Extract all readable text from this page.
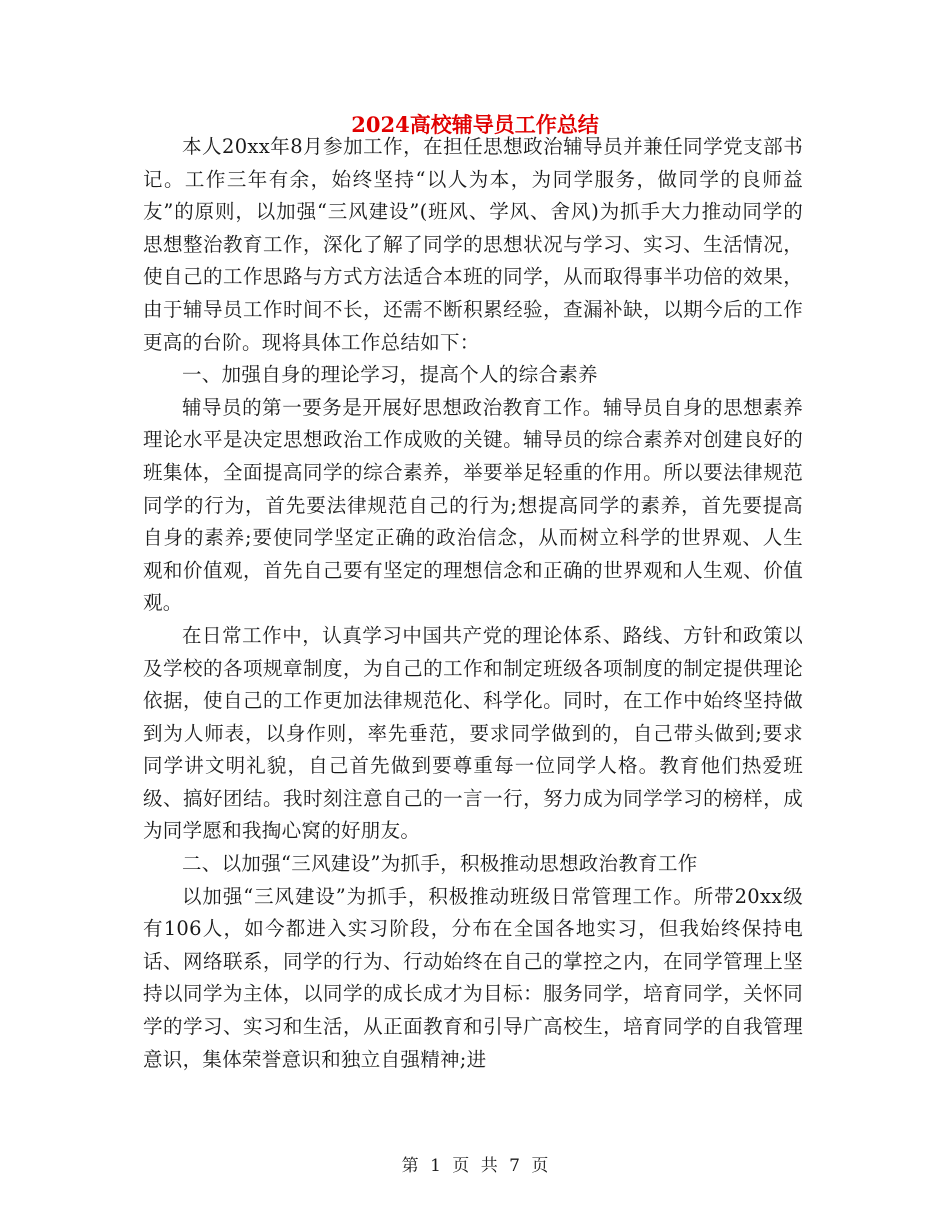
2024高校辅导员工作总结

本人20xx年8月参加工作，在担任思想政治辅导员并兼任同学党支部书记。工作三年有余，始终坚持“以人为本，为同学服务，做同学的良师益友”的原则，以加强“三风建设”(班风、学风、舍风)为抓手大力推动同学的思想整治教育工作，深化了解了同学的思想状况与学习、实习、生活情况，使自己的工作思路与方式方法适合本班的同学，从而取得事半功倍的效果，由于辅导员工作时间不长，还需不断积累经验，查漏补缺，以期今后的工作更高的台阶。现将具体工作总结如下：

一、加强自身的理论学习，提高个人的综合素养

辅导员的第一要务是开展好思想政治教育工作。辅导员自身的思想素养理论水平是决定思想政治工作成败的关键。辅导员的综合素养对创建良好的班集体，全面提高同学的综合素养，举要举足轻重的作用。所以要法律规范同学的行为，首先要法律规范自己的行为;想提高同学的素养，首先要提高自身的素养;要使同学坚定正确的政治信念，从而树立科学的世界观、人生观和价值观，首先自己要有坚定的理想信念和正确的世界观和人生观、价值观。

在日常工作中，认真学习中国共产党的理论体系、路线、方针和政策以及学校的各项规章制度，为自己的工作和制定班级各项制度的制定提供理论依据，使自己的工作更加法律规范化、科学化。同时，在工作中始终坚持做到为人师表，以身作则，率先垂范，要求同学做到的，自己带头做到;要求同学讲文明礼貌，自己首先做到要尊重每一位同学人格。教育他们热爱班级、搞好团结。我时刻注意自己的一言一行，努力成为同学学习的榜样，成为同学愿和我掏心窝的好朋友。

二、以加强“三风建设”为抓手，积极推动思想政治教育工作

以加强“三风建设”为抓手，积极推动班级日常管理工作。所带20xx级有106人，如今都进入实习阶段，分布在全国各地实习，但我始终保持电话、网络联系，同学的行为、行动始终在自己的掌控之内，在同学管理上坚持以同学为主体，以同学的成长成才为目标：服务同学，培育同学，关怀同学的学习、实习和生活，从正面教育和引导广高校生，培育同学的自我管理意识，集体荣誉意识和独立自强精神;进

第 1 页 共 7 页
